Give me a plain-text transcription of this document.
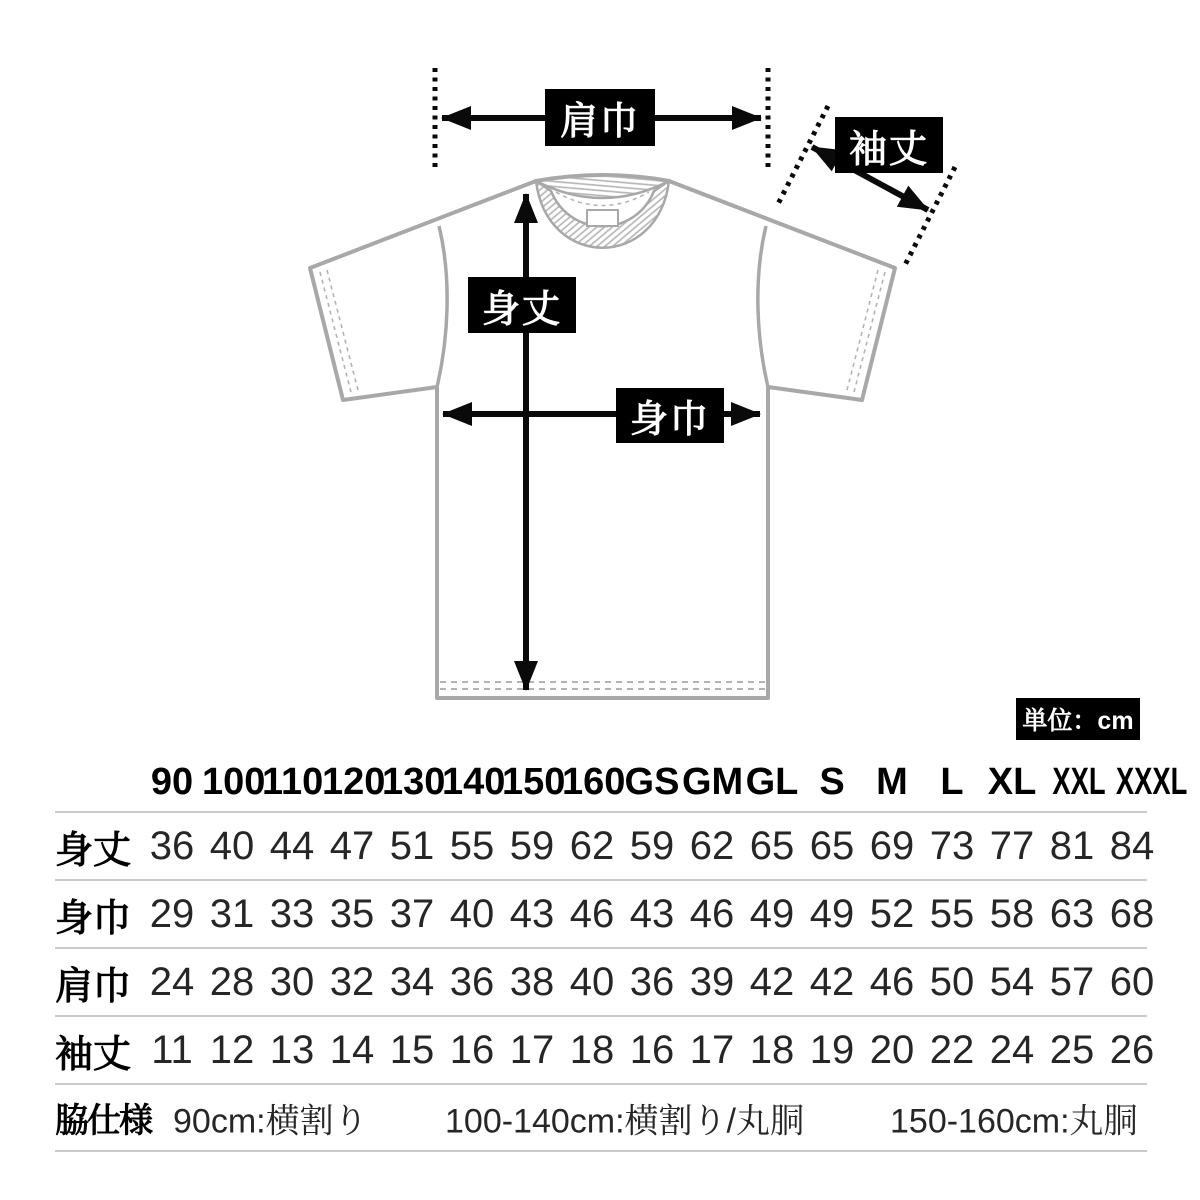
肩巾
袖丈
身丈
身巾
単位：cm
90 100
110
120
130
140
150
160 GS GM GL S M L XL XXL XXXL
身丈 36 40 44 47 51 55 59 62 59 62 65 65 69 73 77 81 84
身巾 29 31 33 35 37 40 43 46 43 46 49 49 52 55 58 63 68
肩巾 24 28 30 32 34 36 38 40 36 39 42 42 46 50 54 57 60
袖丈 11 12 13 14 15 16 17 18 16 17 18 19 20 22 24 25 26
脇仕様 90cm:横割り 100-140cm:横割り/丸胴	150-160cm:丸胴
